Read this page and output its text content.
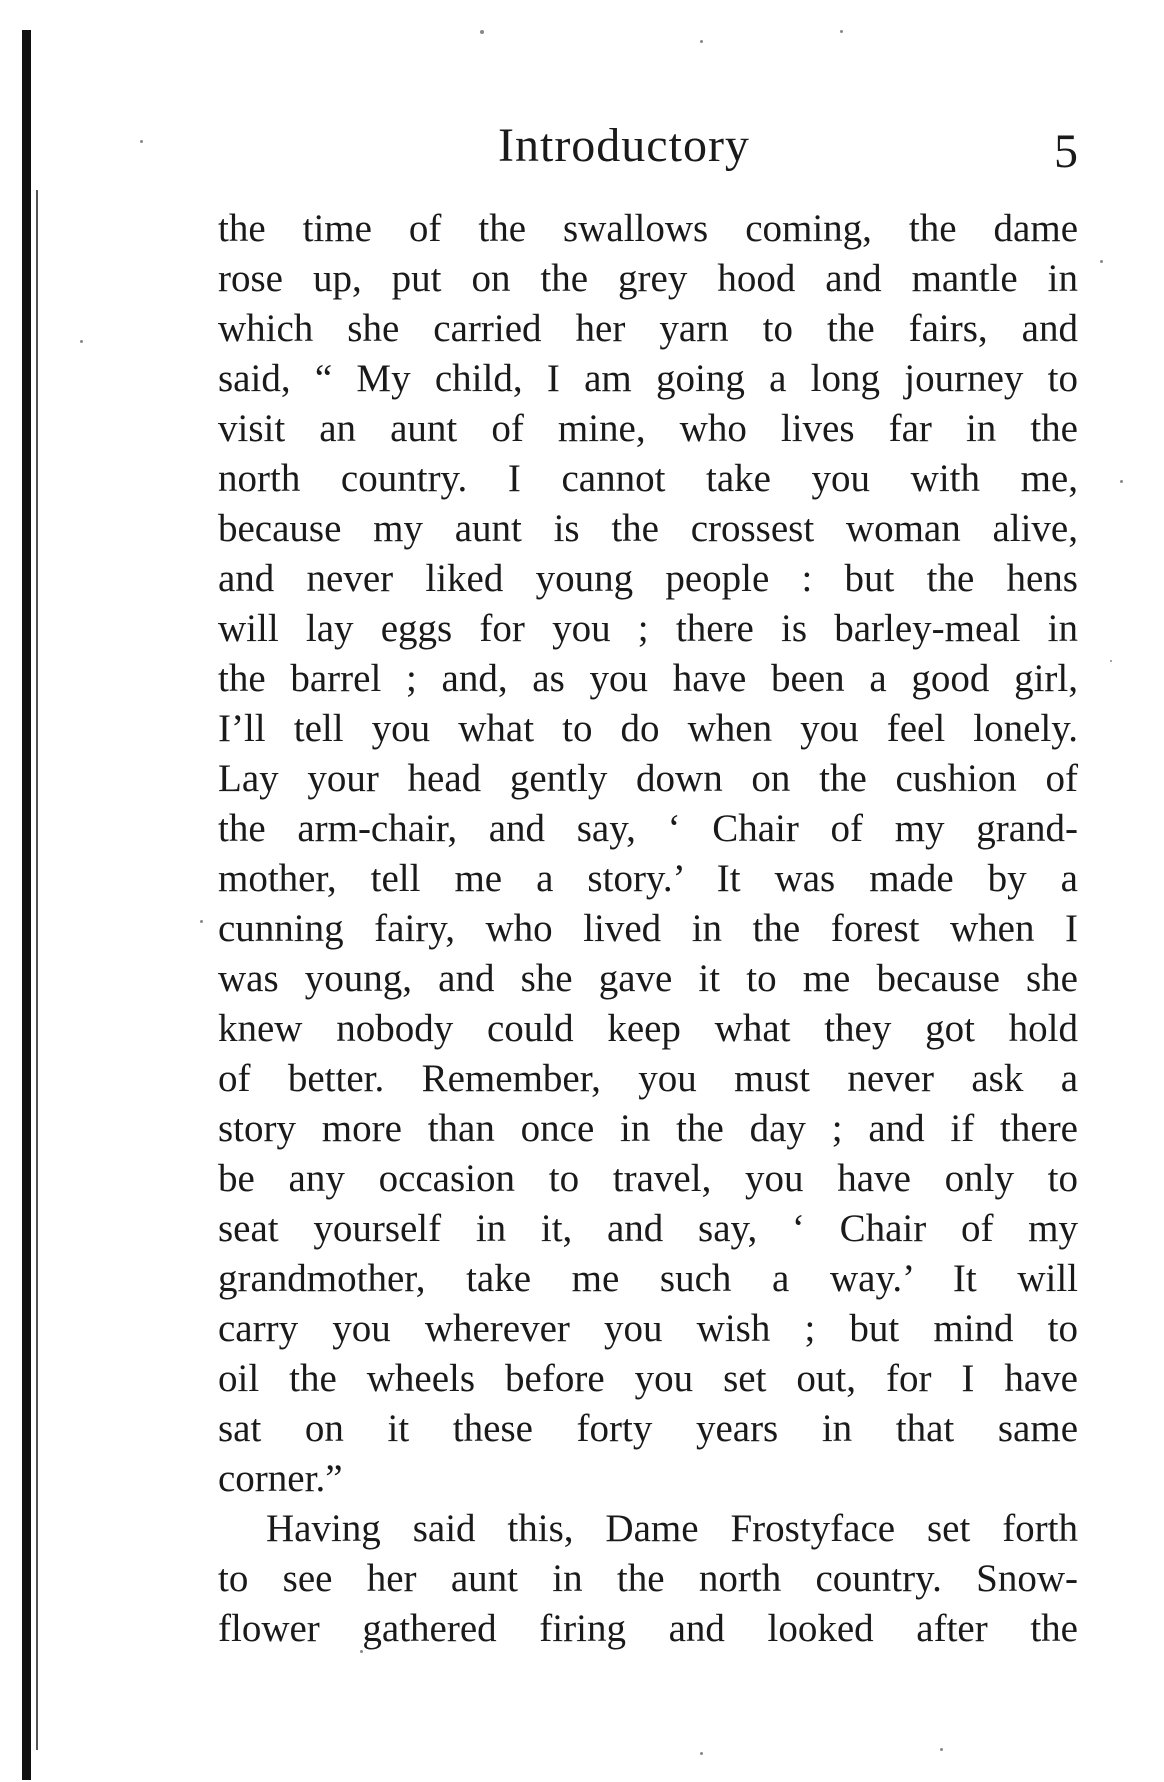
Introductory	5
the time of the swallows coming, the dame
rose up, put on the grey hood and mantle in
which she carried her yarn to the fairs, and
said, “ My child, I am going a long journey to
visit an aunt of mine, who lives far in the
north country. I cannot take you with me,
because my aunt is the crossest woman alive,
and never liked young people : but the hens
will lay eggs for you ; there is barley-meal in
the barrel ; and, as you have been a good girl,
I’ll tell you what to do when you feel lonely.
Lay your head gently down on the cushion of
the arm-chair, and say, ‘ Chair of my grand-
mother, tell me a story.’ It was made by a
cunning fairy, who lived in the forest when I
was young, and she gave it to me because she
knew nobody could keep what they got hold
of better. Remember, you must never ask a
story more than once in the day ; and if there
be any occasion to travel, you have only to
seat yourself in it, and say, ‘ Chair of my
grandmother, take me such a way.’ It will
carry you wherever you wish ; but mind to
oil the wheels before you set out, for I have
sat on it these forty years in that same
corner.”
Having said this, Dame Frostyface set forth
to see her aunt in the north country. Snow-
flower gathered firing and looked after the
